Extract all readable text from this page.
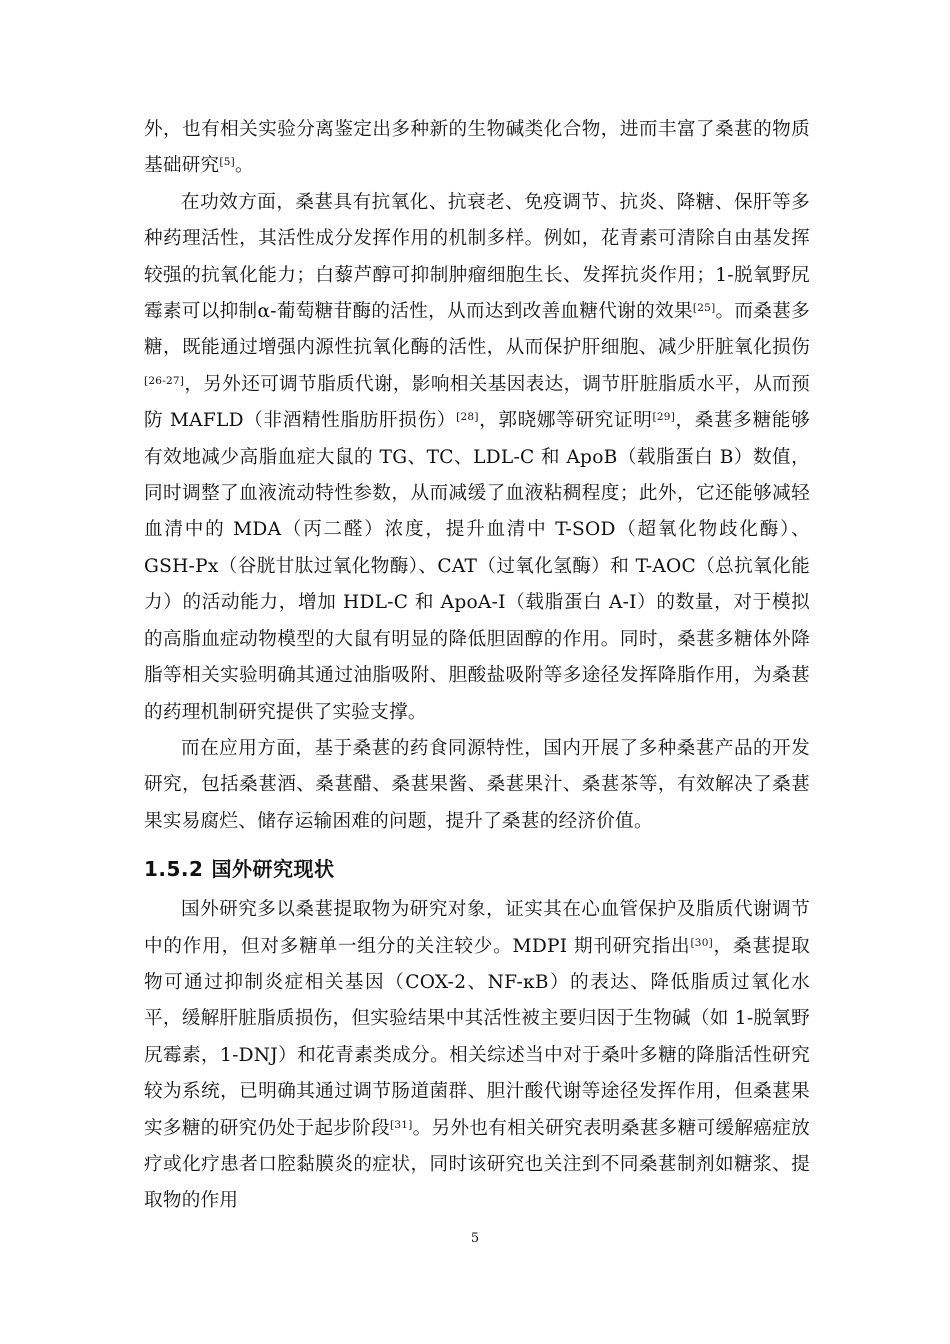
外，也有相关实验分离鉴定出多种新的生物碱类化合物，进而丰富了桑葚的物质基础研究[5]。

在功效方面，桑葚具有抗氧化、抗衰老、免疫调节、抗炎、降糖、保肝等多种药理活性，其活性成分发挥作用的机制多样。例如，花青素可清除自由基发挥较强的抗氧化能力；白藜芦醇可抑制肿瘤细胞生长、发挥抗炎作用；1-脱氧野尻霉素可以抑制α-葡萄糖苷酶的活性，从而达到改善血糖代谢的效果[25]。而桑葚多糖，既能通过增强内源性抗氧化酶的活性，从而保护肝细胞、减少肝脏氧化损伤[26-27]，另外还可调节脂质代谢，影响相关基因表达，调节肝脏脂质水平，从而预防 MAFLD（非酒精性脂肪肝损伤）[28]，郭晓娜等研究证明[29]，桑葚多糖能够有效地减少高脂血症大鼠的 TG、TC、LDL-C 和 ApoB（载脂蛋白 B）数值，同时调整了血液流动特性参数，从而减缓了血液粘稠程度；此外，它还能够减轻血清中的 MDA（丙二醛）浓度，提升血清中 T-SOD（超氧化物歧化酶）、GSH-Px（谷胱甘肽过氧化物酶）、CAT（过氧化氢酶）和 T-AOC（总抗氧化能力）的活动能力，增加 HDL-C 和 ApoA-I（载脂蛋白 A-I）的数量，对于模拟的高脂血症动物模型的大鼠有明显的降低胆固醇的作用。同时，桑葚多糖体外降脂等相关实验明确其通过油脂吸附、胆酸盐吸附等多途径发挥降脂作用，为桑葚的药理机制研究提供了实验支撑。

而在应用方面，基于桑葚的药食同源特性，国内开展了多种桑葚产品的开发研究，包括桑葚酒、桑葚醋、桑葚果酱、桑葚果汁、桑葚茶等，有效解决了桑葚果实易腐烂、储存运输困难的问题，提升了桑葚的经济价值。

1.5.2 国外研究现状

国外研究多以桑葚提取物为研究对象，证实其在心血管保护及脂质代谢调节中的作用，但对多糖单一组分的关注较少。MDPI 期刊研究指出[30]，桑葚提取物可通过抑制炎症相关基因（COX-2、NF-κB）的表达、降低脂质过氧化水平，缓解肝脏脂质损伤，但实验结果中其活性被主要归因于生物碱（如 1-脱氧野尻霉素，1-DNJ）和花青素类成分。相关综述当中对于桑叶多糖的降脂活性研究较为系统，已明确其通过调节肠道菌群、胆汁酸代谢等途径发挥作用，但桑葚果实多糖的研究仍处于起步阶段[31]。另外也有相关研究表明桑葚多糖可缓解癌症放疗或化疗患者口腔黏膜炎的症状，同时该研究也关注到不同桑葚制剂如糖浆、提取物的作用

5
